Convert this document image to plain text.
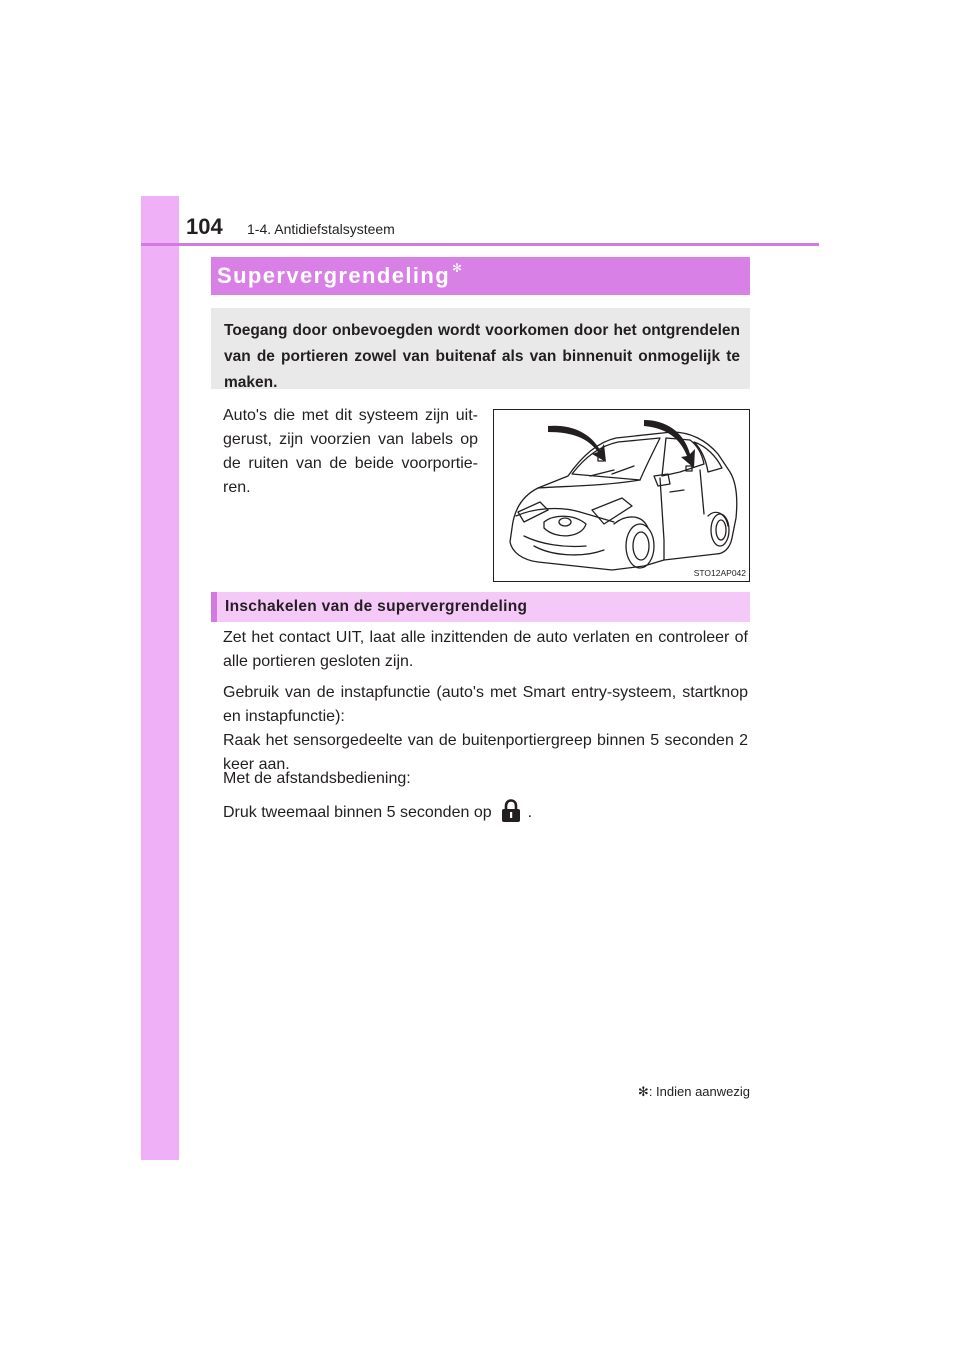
104 1-4. Antidiefstalsysteem
Supervergrendeling ✻

Toegang door onbevoegden wordt voorkomen door het ontgrendelen van de portieren zowel van buitenaf als van binnenuit onmogelijk te maken.

Auto's die met dit systeem zijn uitgerust, zijn voorzien van labels op de ruiten van de beide voorportieren.

STO12AP042
Inschakelen van de supervergrendeling

Zet het contact UIT, laat alle inzittenden de auto verlaten en controleer of alle portieren gesloten zijn.

Gebruik van de instapfunctie (auto's met Smart entry-systeem, startknop en instapfunctie):
Raak het sensorgedeelte van de buitenportiergreep binnen 5 seconden 2 keer aan.

Met de afstandsbediening:

Druk tweemaal binnen 5 seconden op .

✻: Indien aanwezig
